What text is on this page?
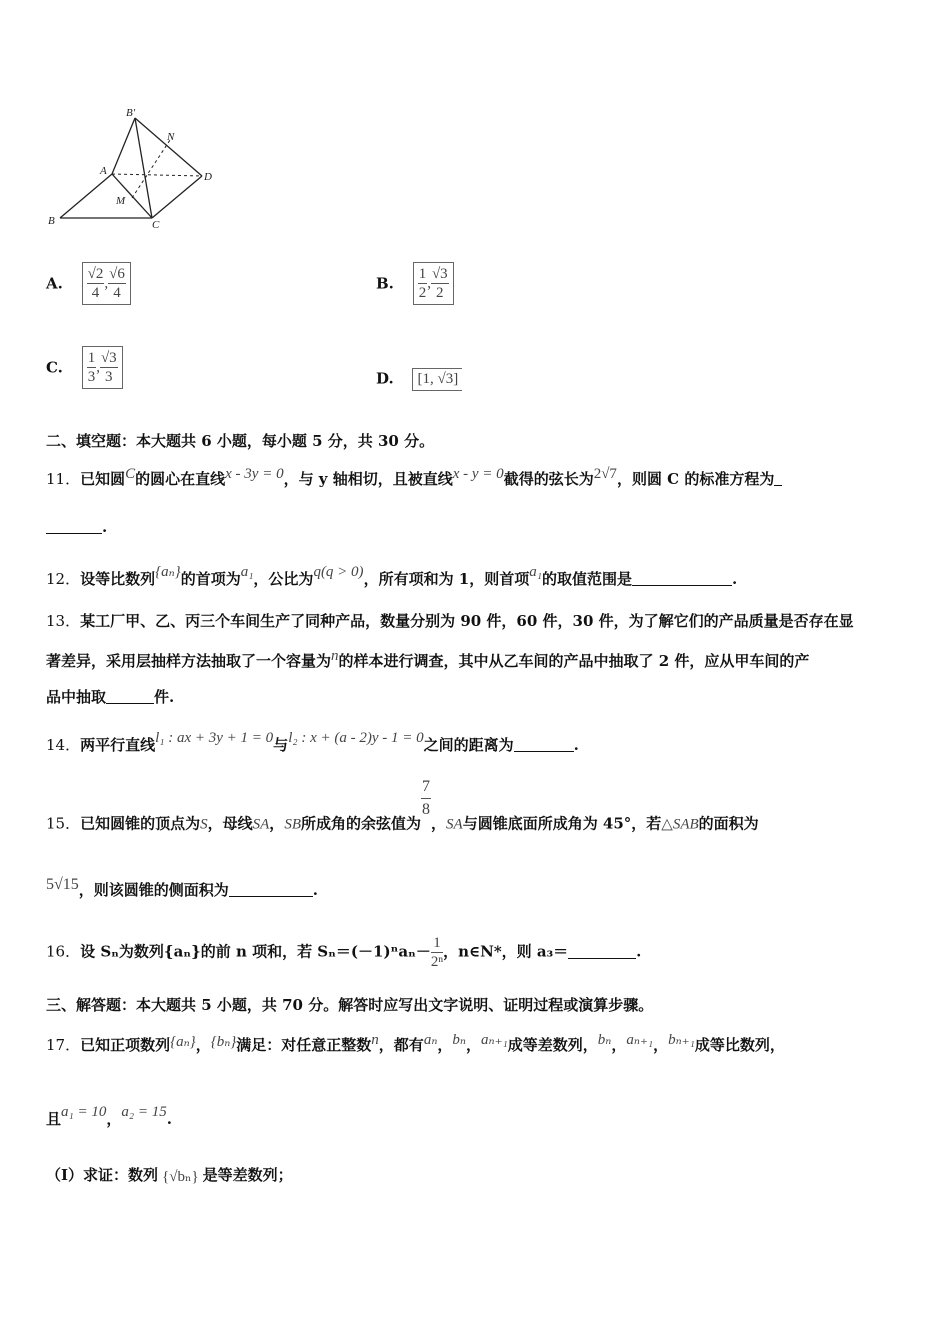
B′
N
A	D
M
B	C
A. $\frac{√2}{4}$ , $\frac{√6}{4}$	B. $\frac{1}{2}$ , $\frac{√3}{2}$
C. $\frac{1}{3}$ , $\frac{√3}{3}$	D. [1, √3]
二、填空题：本大题共 6 小题，每小题 5 分，共 30 分。
11．已知圆C的圆心在直线x - 3y = 0，与 y 轴相切，且被直线x - y = 0截得的弦长为2√7，则圆 C 的标准方程为
.
12．设等比数列{aₙ}的首项为a₁，公比为q(q > 0)，所有项和为 1，则首项a₁的取值范围是	.
13．某工厂甲、乙、丙三个车间生产了同种产品，数量分别为 90 件，60 件，30 件，为了解它们的产品质量是否存在显
著差异，采用层抽样方法抽取了一个容量为n的样本进行调查，其中从乙车间的产品中抽取了 2 件，应从甲车间的产
品中抽取	件.
14．两平行直线l₁ : ax + 3y + 1 = 0与l₂ : x + (a - 2)y - 1 = 0之间的距离为	.
15．已知圆锥的顶点为S，母线SA，SB所成角的余弦值为
$\frac{7}{8}$
，SA与圆锥底面所成角为 45°，若△SAB的面积为
5√15，则该圆锥的侧面积为	.
16．设 Sₙ为数列{aₙ}的前 n 项和，若 $S_n=(-1)^na_n- \frac{1}{\text{2ⁿ}}$ ，n∈N*，则 a₃＝	.
三、解答题：本大题共 5 小题，共 70 分。解答时应写出文字说明、证明过程或演算步骤。
17．已知正项数列{aₙ}，{bₙ}满足：对任意正整数n，都有aₙ，bₙ，aₙ₊₁成等差数列，bₙ，aₙ₊₁，bₙ₊₁成等比数列，
且a₁ = 10，a₂ = 15.
（Ⅰ）求证：数列 {√bₙ} 是等差数列；
